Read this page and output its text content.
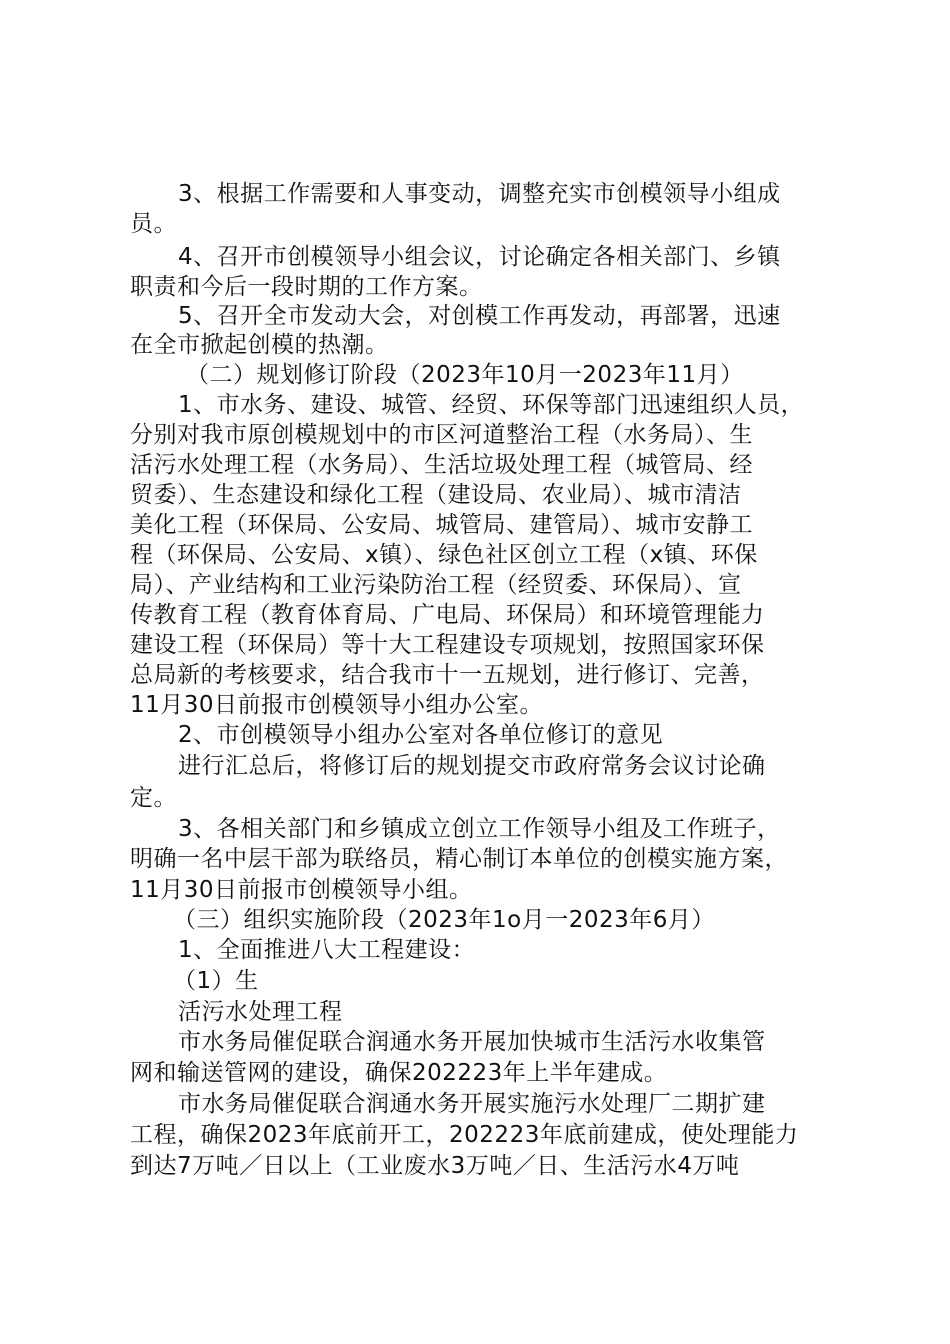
3、根据工作需要和人事变动，调整充实市创模领导小组成

员。

4、召开市创模领导小组会议，讨论确定各相关部门、乡镇

职责和今后一段时期的工作方案。

5、召开全市发动大会，对创模工作再发动，再部署，迅速

在全市掀起创模的热潮。

（二）规划修订阶段（2023年10月一2023年11月）

1、市水务、建设、城管、经贸、环保等部门迅速组织人员，

分别对我市原创模规划中的市区河道整治工程（水务局）、生

活污水处理工程（水务局）、生活垃圾处理工程（城管局、经

贸委）、生态建设和绿化工程（建设局、农业局）、城市清洁

美化工程（环保局、公安局、城管局、建管局）、城市安静工

程（环保局、公安局、x镇）、绿色社区创立工程（x镇、环保

局）、产业结构和工业污染防治工程（经贸委、环保局）、宣

传教育工程（教育体育局、广电局、环保局）和环境管理能力

建设工程（环保局）等十大工程建设专项规划，按照国家环保

总局新的考核要求，结合我市十一五规划，进行修订、完善，

11月30日前报市创模领导小组办公室。

2、市创模领导小组办公室对各单位修订的意见

进行汇总后，将修订后的规划提交市政府常务会议讨论确

定。

3、各相关部门和乡镇成立创立工作领导小组及工作班子，

明确一名中层干部为联络员，精心制订本单位的创模实施方案，

11月30日前报市创模领导小组。

（三）组织实施阶段（2023年1o月一2023年6月）

1、全面推进八大工程建设：

（1）生

活污水处理工程

市水务局催促联合润通水务开展加快城市生活污水收集管

网和输送管网的建设，确保202223年上半年建成。

市水务局催促联合润通水务开展实施污水处理厂二期扩建

工程，确保2023年底前开工，202223年底前建成，使处理能力

到达7万吨／日以上（工业废水3万吨／日、生活污水4万吨
